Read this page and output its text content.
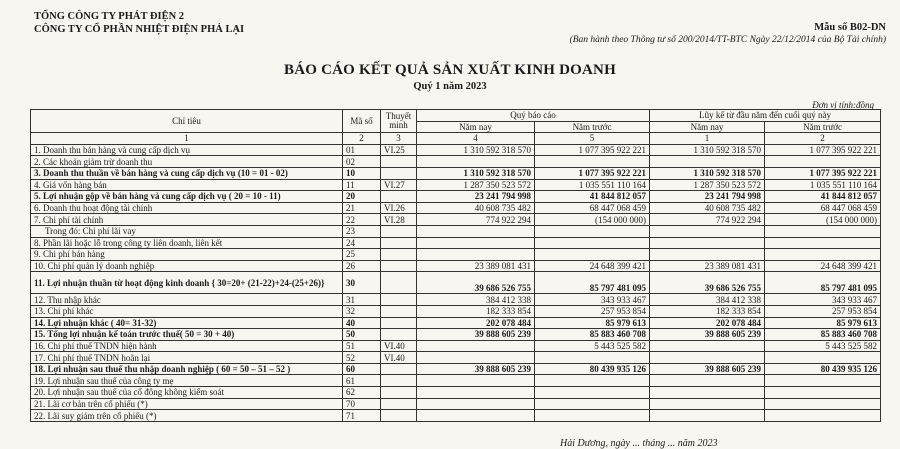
TỔNG CÔNG TY PHÁT ĐIỆN 2
CÔNG TY CỔ PHẦN NHIỆT ĐIỆN PHẢ LẠI	Mẫu số B02-DN
(Ban hành theo Thông tư số 200/2014/TT-BTC Ngày 22/12/2014 của Bộ Tài chính)
BÁO CÁO KẾT QUẢ SẢN XUẤT KINH DOANH
Quý 1 năm 2023
Đơn vị tính:đồng
Chỉ tiêu	Mã số	Thuyết minh	Quý báo cáo		Lũy kế từ đầu năm đến cuối quý này	
			Năm nay	Năm trước	Năm nay	Năm trước
1	2	3	4	5	1	2
1. Doanh thu bán hàng và cung cấp dịch vụ	01	VI.25	1 310 592 318 570	1 077 395 922 221	1 310 592 318 570	1 077 395 922 221
2. Các khoản giảm trừ doanh thu	02					
3. Doanh thu thuần về bán hàng và cung cấp dịch vụ (10 = 01 - 02)	10		1 310 592 318 570	1 077 395 922 221	1 310 592 318 570	1 077 395 922 221
4. Giá vốn hàng bán	11	VI.27	1 287 350 523 572	1 035 551 110 164	1 287 350 523 572	1 035 551 110 164
5. Lợi nhuận gộp về bán hàng và cung cấp dịch vụ ( 20 = 10 - 11)	20		23 241 794 998	41 844 812 057	23 241 794 998	41 844 812 057
6. Doanh thu hoạt động tài chính	21	VI.26	40 608 735 482	68 447 068 459	40 608 735 482	68 447 068 459
7. Chi phí tài chính	22	VI.28	774 922 294	(154 000 000)	774 922 294	(154 000 000)
Trong đó: Chi phí lãi vay	23					
8. Phần lãi hoặc lỗ trong công ty liên doanh, liên kết	24					
9. Chi phí bán hàng	25					
10. Chi phí quản lý doanh nghiệp	26		23 389 081 431	24 648 399 421	23 389 081 431	24 648 399 421
11. Lợi nhuận thuần từ hoạt động kinh doanh { 30=20+ (21-22)+24-(25+26)}	30		39 686 526 755	85 797 481 095	39 686 526 755	85 797 481 095
12. Thu nhập khác	31		384 412 338	343 933 467	384 412 338	343 933 467
13. Chi phí khác	32		182 333 854	257 953 854	182 333 854	257 953 854
14. Lợi nhuận khác ( 40= 31-32)	40		202 078 484	85 979 613	202 078 484	85 979 613
15. Tổng lợi nhuận kế toán trước thuế( 50 = 30 + 40)	50		39 888 605 239	85 883 460 708	39 888 605 239	85 883 460 708
16. Chi phí thuế TNDN hiện hành	51	VI.40		5 443 525 582		5 443 525 582
17. Chi phí thuế TNDN hoãn lại	52	VI.40				
18. Lợi nhuận sau thuế thu nhập doanh nghiệp ( 60 = 50 – 51 – 52 )	60		39 888 605 239	80 439 935 126	39 888 605 239	80 439 935 126
19. Lợi nhuận sau thuế của công ty mẹ	61					
20. Lợi nhuận sau thuế của cổ đông không kiểm soát	62					
21. Lãi cơ bản trên cổ phiếu (*)	70					
22. Lãi suy giảm trên cổ phiếu (*)	71					
Hải Dương, ngày ... tháng ... năm 2023
